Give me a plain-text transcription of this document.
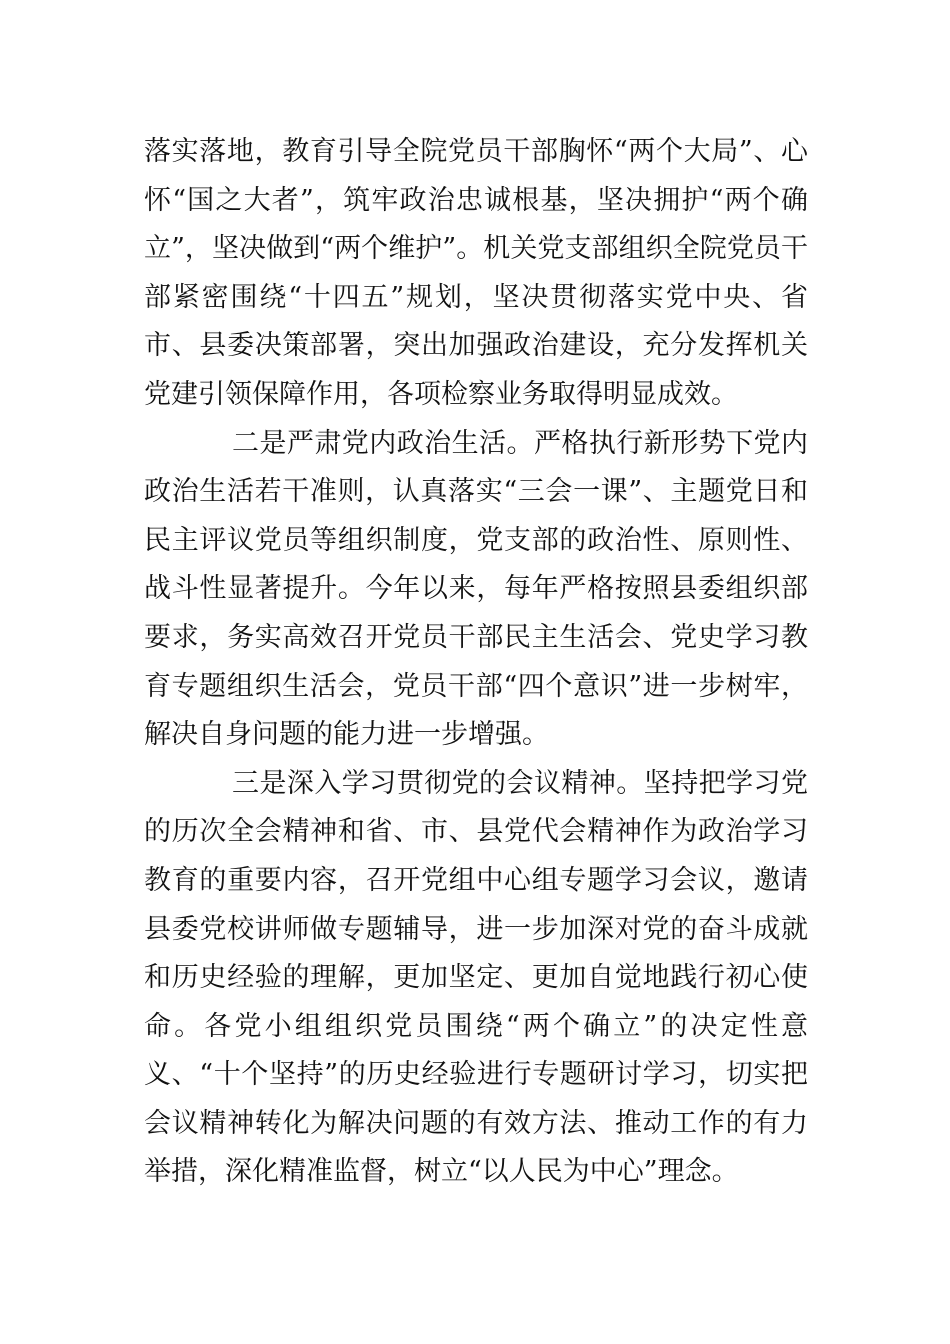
落实落地，教育引导全院党员干部胸怀“两个大局”、心怀“国之大者”，筑牢政治忠诚根基，坚决拥护“两个确立”，坚决做到“两个维护”。机关党支部组织全院党员干部紧密围绕“十四五”规划，坚决贯彻落实党中央、省市、县委决策部署，突出加强政治建设，充分发挥机关党建引领保障作用，各项检察业务取得明显成效。

二是严肃党内政治生活。严格执行新形势下党内政治生活若干准则，认真落实“三会一课”、主题党日和民主评议党员等组织制度，党支部的政治性、原则性、战斗性显著提升。今年以来，每年严格按照县委组织部要求，务实高效召开党员干部民主生活会、党史学习教育专题组织生活会，党员干部“四个意识”进一步树牢，解决自身问题的能力进一步增强。

三是深入学习贯彻党的会议精神。坚持把学习党的历次全会精神和省、市、县党代会精神作为政治学习教育的重要内容，召开党组中心组专题学习会议，邀请县委党校讲师做专题辅导，进一步加深对党的奋斗成就和历史经验的理解，更加坚定、更加自觉地践行初心使命。各党小组组织党员围绕“两个确立”的决定性意义、“十个坚持”的历史经验进行专题研讨学习，切实把会议精神转化为解决问题的有效方法、推动工作的有力举措，深化精准监督，树立“以人民为中心”理念。
